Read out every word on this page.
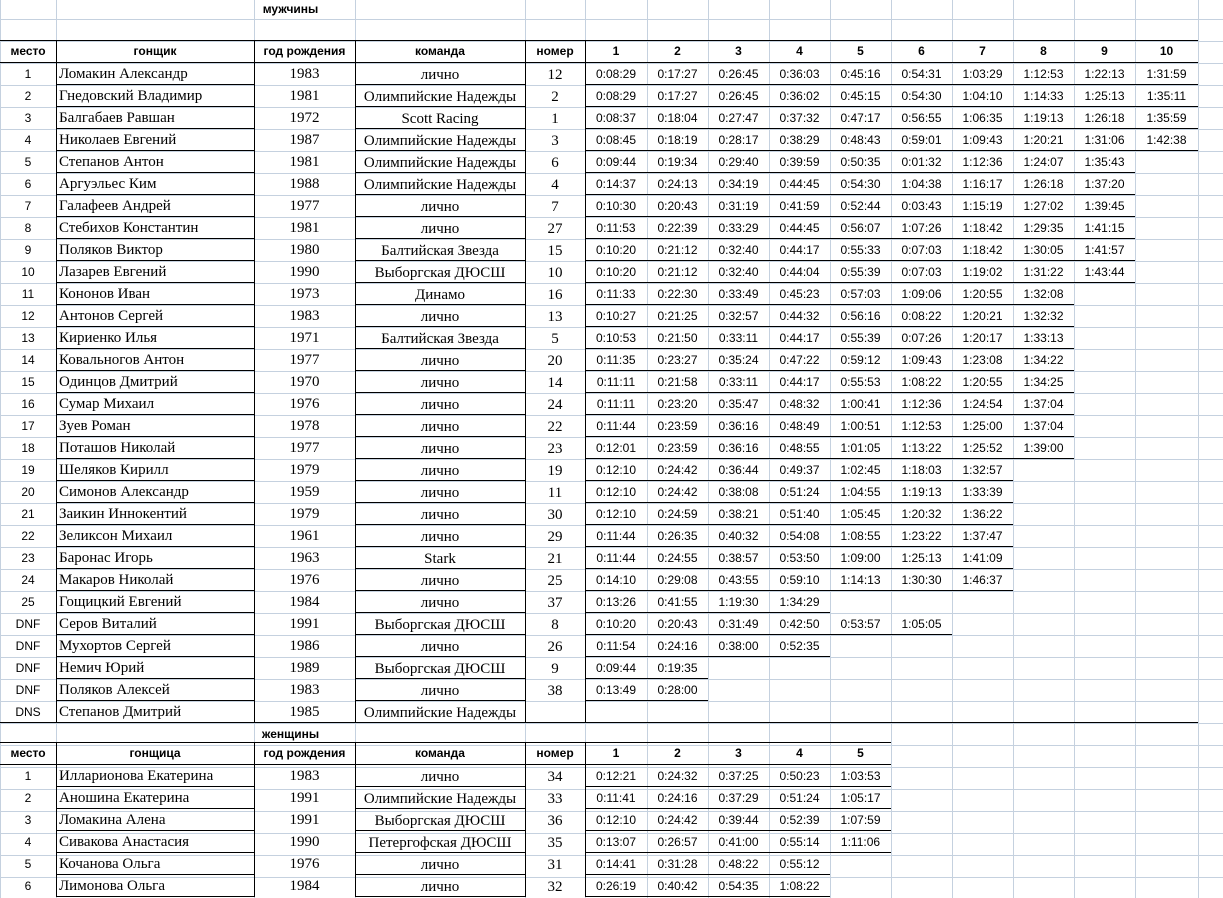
мужчины
место	гонщик	год рождения	команда	номер	1	2	3	4	5	6	7	8	9	10
1	Ломакин Александр	1983	лично	12	0:08:29	0:17:27	0:26:45	0:36:03	0:45:16	0:54:31	1:03:29	1:12:53	1:22:13	1:31:59
2	Гнедовский Владимир	1981	Олимпийские Надежды	2	0:08:29	0:17:27	0:26:45	0:36:02	0:45:15	0:54:30	1:04:10	1:14:33	1:25:13	1:35:11
3	Балгабаев Равшан	1972	Scott Racing	1	0:08:37	0:18:04	0:27:47	0:37:32	0:47:17	0:56:55	1:06:35	1:19:13	1:26:18	1:35:59
4	Николаев Евгений	1987	Олимпийские Надежды	3	0:08:45	0:18:19	0:28:17	0:38:29	0:48:43	0:59:01	1:09:43	1:20:21	1:31:06	1:42:38
5	Степанов Антон	1981	Олимпийские Надежды	6	0:09:44	0:19:34	0:29:40	0:39:59	0:50:35	0:01:32	1:12:36	1:24:07	1:35:43
6	Аргуэльес Ким	1988	Олимпийские Надежды	4	0:14:37	0:24:13	0:34:19	0:44:45	0:54:30	1:04:38	1:16:17	1:26:18	1:37:20
7	Галафеев Андрей	1977	лично	7	0:10:30	0:20:43	0:31:19	0:41:59	0:52:44	0:03:43	1:15:19	1:27:02	1:39:45
8	Стебихов Константин	1981	лично	27	0:11:53	0:22:39	0:33:29	0:44:45	0:56:07	1:07:26	1:18:42	1:29:35	1:41:15
9	Поляков Виктор	1980	Балтийская Звезда	15	0:10:20	0:21:12	0:32:40	0:44:17	0:55:33	0:07:03	1:18:42	1:30:05	1:41:57
10	Лазарев Евгений	1990	Выборгская ДЮСШ	10	0:10:20	0:21:12	0:32:40	0:44:04	0:55:39	0:07:03	1:19:02	1:31:22	1:43:44
11	Кононов Иван	1973	Динамо	16	0:11:33	0:22:30	0:33:49	0:45:23	0:57:03	1:09:06	1:20:55	1:32:08
12	Антонов Сергей	1983	лично	13	0:10:27	0:21:25	0:32:57	0:44:32	0:56:16	0:08:22	1:20:21	1:32:32
13	Кириенко Илья	1971	Балтийская Звезда	5	0:10:53	0:21:50	0:33:11	0:44:17	0:55:39	0:07:26	1:20:17	1:33:13
14	Ковальногов Антон	1977	лично	20	0:11:35	0:23:27	0:35:24	0:47:22	0:59:12	1:09:43	1:23:08	1:34:22
15	Одинцов Дмитрий	1970	лично	14	0:11:11	0:21:58	0:33:11	0:44:17	0:55:53	1:08:22	1:20:55	1:34:25
16	Сумар Михаил	1976	лично	24	0:11:11	0:23:20	0:35:47	0:48:32	1:00:41	1:12:36	1:24:54	1:37:04
17	Зуев Роман	1978	лично	22	0:11:44	0:23:59	0:36:16	0:48:49	1:00:51	1:12:53	1:25:00	1:37:04
18	Поташов Николай	1977	лично	23	0:12:01	0:23:59	0:36:16	0:48:55	1:01:05	1:13:22	1:25:52	1:39:00
19	Шеляков Кирилл	1979	лично	19	0:12:10	0:24:42	0:36:44	0:49:37	1:02:45	1:18:03	1:32:57
20	Симонов Александр	1959	лично	11	0:12:10	0:24:42	0:38:08	0:51:24	1:04:55	1:19:13	1:33:39
21	Заикин Иннокентий	1979	лично	30	0:12:10	0:24:59	0:38:21	0:51:40	1:05:45	1:20:32	1:36:22
22	Зеликсон Михаил	1961	лично	29	0:11:44	0:26:35	0:40:32	0:54:08	1:08:55	1:23:22	1:37:47
23	Баронас Игорь	1963	Stark	21	0:11:44	0:24:55	0:38:57	0:53:50	1:09:00	1:25:13	1:41:09
24	Макаров Николай	1976	лично	25	0:14:10	0:29:08	0:43:55	0:59:10	1:14:13	1:30:30	1:46:37
25	Гощицкий Евгений	1984	лично	37	0:13:26	0:41:55	1:19:30	1:34:29
DNF	Серов Виталий	1991	Выборгская ДЮСШ	8	0:10:20	0:20:43	0:31:49	0:42:50	0:53:57	1:05:05
DNF	Мухортов Сергей	1986	лично	26	0:11:54	0:24:16	0:38:00	0:52:35
DNF	Немич Юрий	1989	Выборгская ДЮСШ	9	0:09:44	0:19:35
DNF	Поляков Алексей	1983	лично	38	0:13:49	0:28:00
DNS	Степанов Дмитрий	1985	Олимпийские Надежды
женщины
место	гонщица	год рождения	команда	номер	1	2	3	4	5
1	Илларионова Екатерина	1983	лично	34	0:12:21	0:24:32	0:37:25	0:50:23	1:03:53
2	Аношина Екатерина	1991	Олимпийские Надежды	33	0:11:41	0:24:16	0:37:29	0:51:24	1:05:17
3	Ломакина Алена	1991	Выборгская ДЮСШ	36	0:12:10	0:24:42	0:39:44	0:52:39	1:07:59
4	Сивакова Анастасия	1990	Петергофская ДЮСШ	35	0:13:07	0:26:57	0:41:00	0:55:14	1:11:06
5	Кочанова Ольга	1976	лично	31	0:14:41	0:31:28	0:48:22	0:55:12
6	Лимонова Ольга	1984	лично	32	0:26:19	0:40:42	0:54:35	1:08:22
